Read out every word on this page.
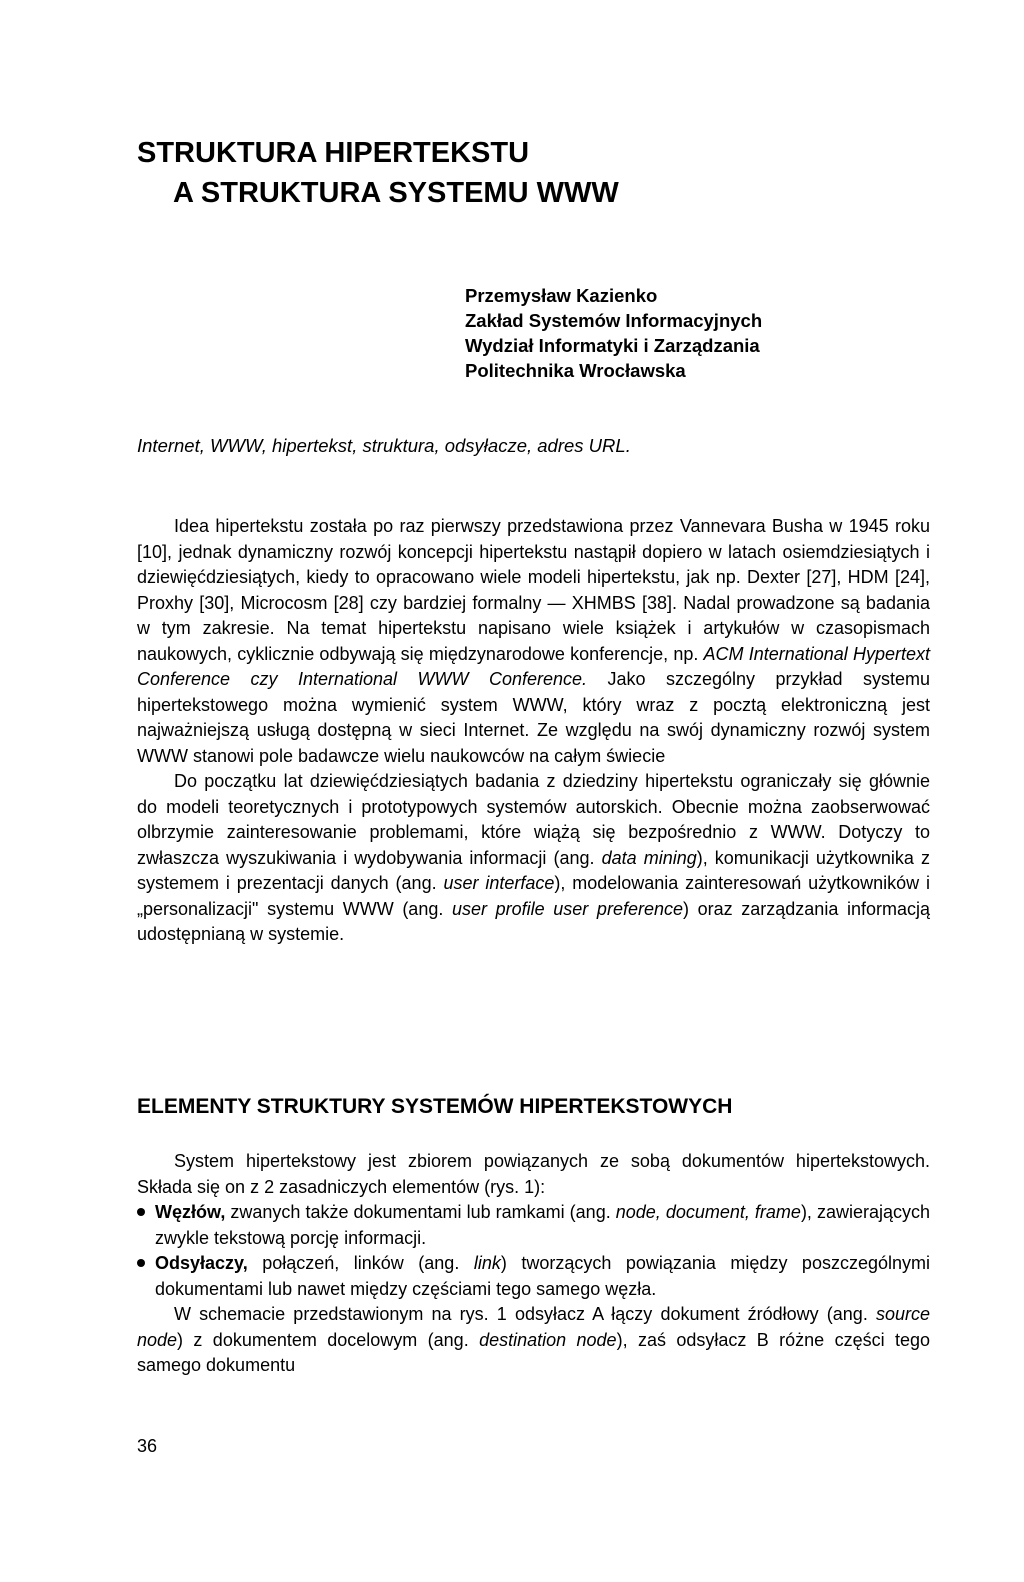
STRUKTURA HIPERTEKSTU
A STRUKTURA SYSTEMU WWW
Przemysław Kazienko
Zakład Systemów Informacyjnych
Wydział Informatyki i Zarządzania
Politechnika Wrocławska
Internet, WWW, hipertekst, struktura, odsyłacze, adres URL.

Idea hipertekstu została po raz pierwszy przedstawiona przez Vannevara Busha w 1945 roku [10], jednak dynamiczny rozwój koncepcji hipertekstu nastąpił dopiero w latach osiemdziesiątych i dziewięćdziesiątych, kiedy to opracowano wiele modeli hipertekstu, jak np. Dexter [27], HDM [24], Proxhy [30], Microcosm [28] czy bardziej formalny — XHMBS [38]. Nadal prowadzone są badania w tym zakresie. Na temat hipertekstu napisano wiele książek i artykułów w czasopismach naukowych, cyklicznie odbywają się międzynarodowe konferencje, np. ACM International Hypertext Conference czy International WWW Conference. Jako szczególny przykład systemu hipertekstowego można wymienić system WWW, który wraz z pocztą elektroniczną jest najważniejszą usługą dostępną w sieci Internet. Ze względu na swój dynamiczny rozwój system WWW stanowi pole badawcze wielu naukowców na całym świecie

Do początku lat dziewięćdziesiątych badania z dziedziny hipertekstu ograniczały się głównie do modeli teoretycznych i prototypowych systemów autorskich. Obecnie można zaobserwować olbrzymie zainteresowanie problemami, które wiążą się bezpośrednio z WWW. Dotyczy to zwłaszcza wyszukiwania i wydobywania informacji (ang. data mining), komunikacji użytkownika z systemem i prezentacji danych (ang. user interface), modelowania zainteresowań użytkowników i „personalizacji" systemu WWW (ang. user profile user preference) oraz zarządzania informacją udostępnianą w systemie.

ELEMENTY STRUKTURY SYSTEMÓW HIPERTEKSTOWYCH

System hipertekstowy jest zbiorem powiązanych ze sobą dokumentów hipertekstowych. Składa się on z 2 zasadniczych elementów (rys. 1):

Węzłów, zwanych także dokumentami lub ramkami (ang. node, document, frame), zawierających zwykle tekstową porcję informacji.
Odsyłaczy, połączeń, linków (ang. link) tworzących powiązania między poszczególnymi dokumentami lub nawet między częściami tego samego węzła.

W schemacie przedstawionym na rys. 1 odsyłacz A łączy dokument źródłowy (ang. source node) z dokumentem docelowym (ang. destination node), zaś odsyłacz B różne części tego samego dokumentu

36
